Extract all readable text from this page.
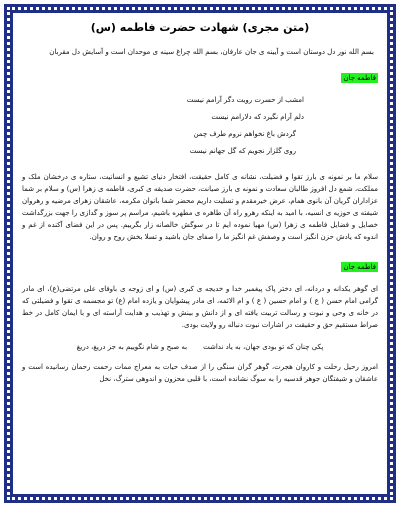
(متن مجری) شهادت حضرت فاطمه (س)
بسم الله نور دل دوستان است و آیینه ی جان عارفان، بسم الله چراغ سینه ی موحدان است و آسایش دل مقربان
فاطمه جان
امشب از حسرت رویت دگر آرامم نیست
دلم آرام نگیرد که دلارامم نیست
گردش باغ نخواهم نروم طرف چمن
روی گلزار نجویم که گل جهانم نیست
سلام ما بر نمونه ی بارز تقوا و فضیلت، نشانه ی کامل حقیقت، افتخار دنیای تشیع و انسانیت، ستاره ی درخشان ملک و مملکت، شمع دل افروز طالبان سعادت و نمونه ی بارز صیانت، حضرت صدیقه ی کبری، فاطمه ی زهرا (س) و سلام بر شما عزاداران گریان آن بانوی همام، عرض خیرمقدم و تسلیت داریم محضر شما بانوان مکرمه، عاشقان زهرای مرضیه و رهروان شیفته ی حوزیه ی انسیه، با امید به اینکه رهرو راه آن طاهره ی مطهره باشیم، مراسم پر سوز و گدازی را جهت بزرگداشت خصایل و فضایل فاطمه ی زهرا (س) مهیا نموده ایم تا در سوگش خالصانه زار بگرییم. پس در این فضای آکنده از غم و اندوه که یادش حزن انگیز است و وصفش غم انگیز ما را صفای جان باشید و تسلا بخش روح و روان.
فاطمه جان
ای گوهر یکدانه و دردانه، ای دختر پاک پیغمبر خدا و خدیجه ی کبری (س) و ای زوجه ی باوفای علی مرتضی(ع)، ای مادر گرامی امام حسن ( ع ) و امام حسین ( ع ) و ام الائمه، ای مادر پیشوایان و یازده امام (ع) تو مجسمه ی تقوا و فضیلتی که در خانه ی وحی و نبوت و رسالت تربیت یافته ای و از دانش و بینش و تهذیب و هدایت آراسته ای و با ایمان کامل در خط صراط مستقیم حق و حقیقت در اشارات نبوت دنباله رو ولایت بودی.
پکی چنان که تو بودی جهان، به یاد نداشت
به صبح و شام نگوییم به جز دریغ، دریغ
امروز رحیل رحلت و کاروان هجرت، گوهر گران سنگی را از صدف حیات به معراج ممات رحمت رحمان رسانیده است و عاشقان و شیفتگان جوهر قدسیه را به سوگ نشانده است، با قلبی محزون و اندوهی سترگ، نخل
